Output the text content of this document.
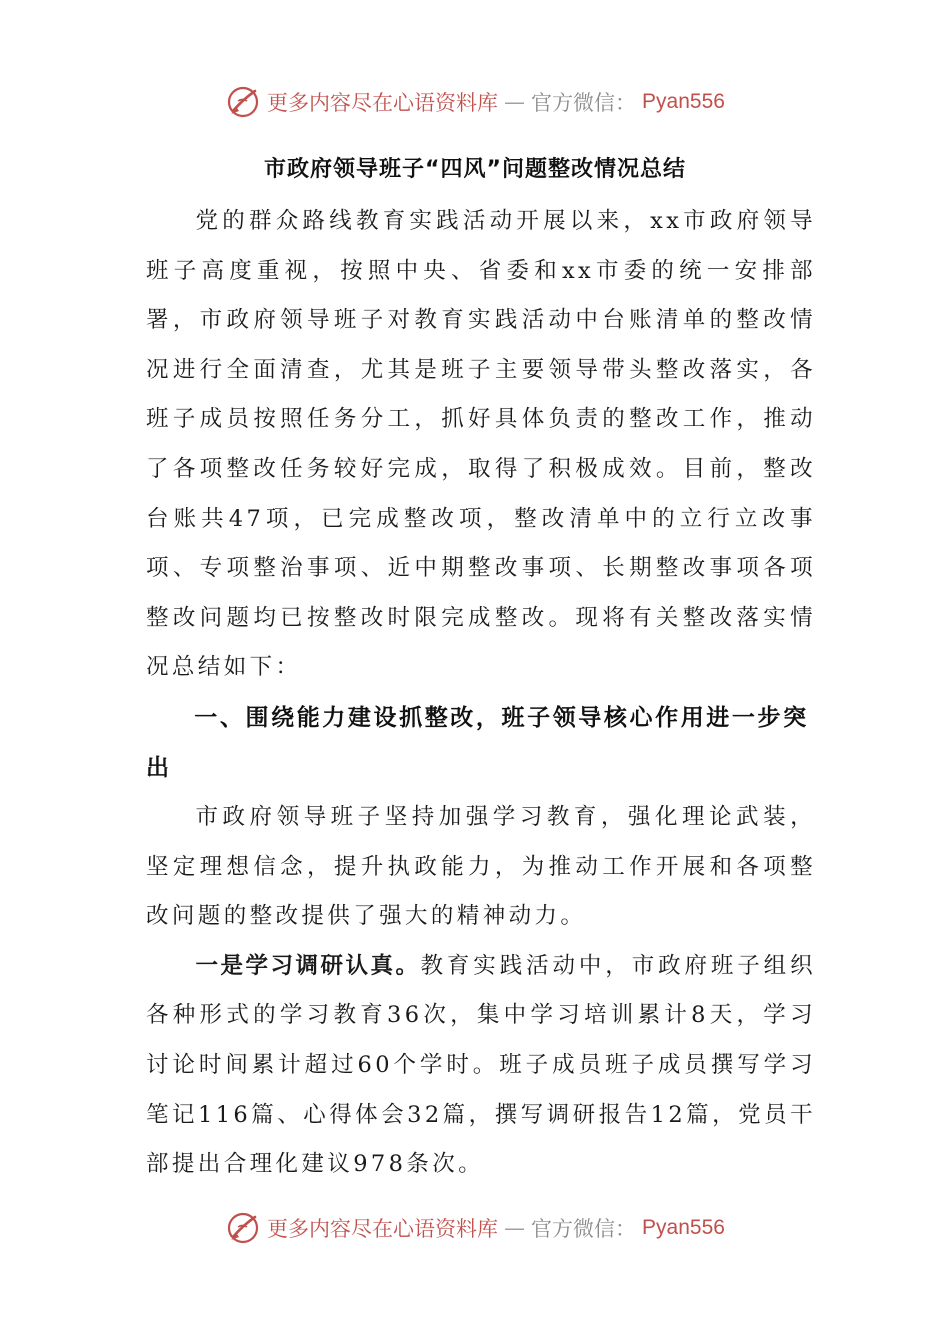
更多内容尽在心语资料库 — 官方微信： Pyan556
市政府领导班子“四风”问题整改情况总结

党的群众路线教育实践活动开展以来，xx市政府领导班子高度重视，按照中央、省委和xx市委的统一安排部署，市政府领导班子对教育实践活动中台账清单的整改情况进行全面清查，尤其是班子主要领导带头整改落实，各班子成员按照任务分工，抓好具体负责的整改工作，推动了各项整改任务较好完成，取得了积极成效。目前，整改台账共47项，已完成整改项，整改清单中的立行立改事项、专项整治事项、近中期整改事项、长期整改事项各项整改问题均已按整改时限完成整改。现将有关整改落实情况总结如下：

一、围绕能力建设抓整改，班子领导核心作用进一步突出

市政府领导班子坚持加强学习教育，强化理论武装，坚定理想信念，提升执政能力，为推动工作开展和各项整改问题的整改提供了强大的精神动力。

一是学习调研认真。教育实践活动中，市政府班子组织各种形式的学习教育36次，集中学习培训累计8天，学习讨论时间累计超过60个学时。班子成员班子成员撰写学习笔记116篇、心得体会32篇，撰写调研报告12篇，党员干部提出合理化建议978条次。

更多内容尽在心语资料库 — 官方微信： Pyan556
